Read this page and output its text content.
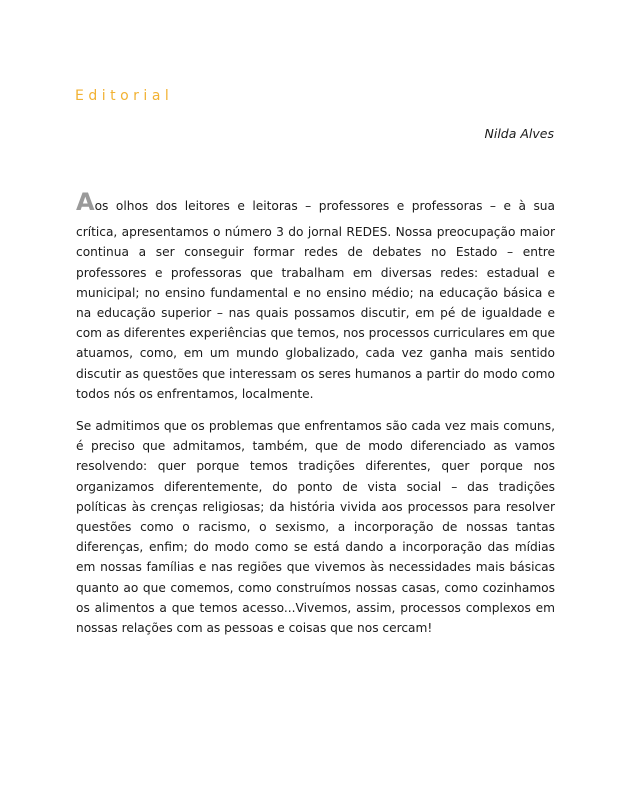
Editorial
Nilda Alves

Aos olhos dos leitores e leitoras – professores e professoras – e à sua
crítica, apresentamos o número 3 do jornal REDES. Nossa preocupação maior continua a ser conseguir formar redes de debates no Estado – entre professores e professoras que trabalham em diversas redes: estadual e municipal; no ensino fundamental e no ensino médio; na educação básica e na educação superior – nas quais possamos discutir, em pé de igualdade e com as diferentes experiências que temos, nos processos curriculares em que atuamos, como, em um mundo globalizado, cada vez ganha mais sentido discutir as questões que interessam os seres humanos a partir do modo como todos nós os enfrentamos, localmente.

Se admitimos que os problemas que enfrentamos são cada vez mais comuns, é preciso que admitamos, também, que de modo diferenciado as vamos resolvendo: quer porque temos tradições diferentes, quer porque nos organizamos diferentemente, do ponto de vista social – das tradições políticas às crenças religiosas; da história vivida aos processos para resolver questões como o racismo, o sexismo, a incorporação de nossas tantas diferenças, enfim; do modo como se está dando a incorporação das mídias em nossas famílias e nas regiões que vivemos às necessidades mais básicas quanto ao que comemos, como construímos nossas casas, como cozinhamos os alimentos a que temos acesso...Vivemos, assim, processos complexos em nossas relações com as pessoas e coisas que nos cercam!
